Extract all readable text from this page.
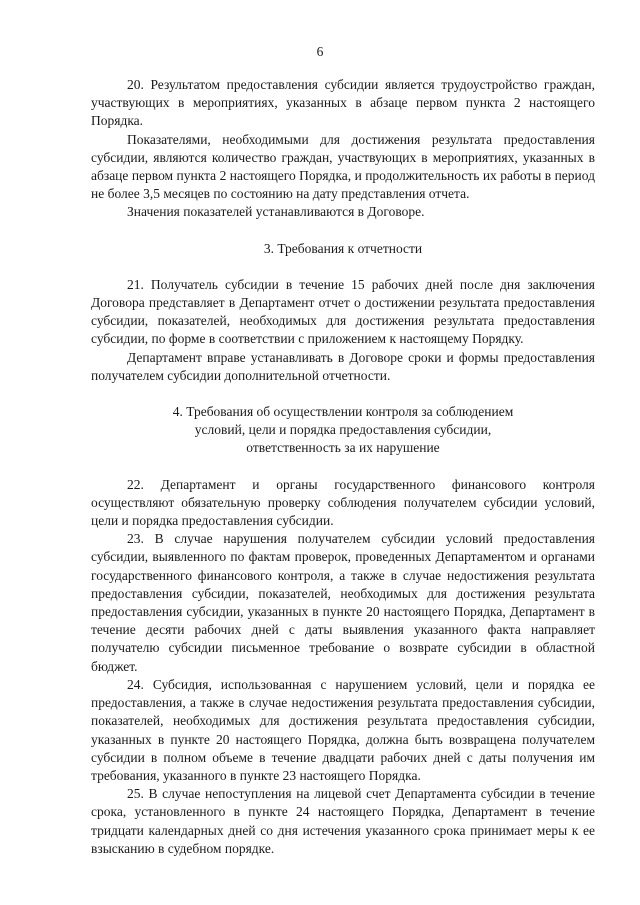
6

20. Результатом предоставления субсидии является трудоустройство граждан, участвующих в мероприятиях, указанных в абзаце первом пункта 2 настоящего Порядка.

Показателями, необходимыми для достижения результата предоставления субсидии, являются количество граждан, участвующих в мероприятиях, указанных в абзаце первом пункта 2 настоящего Порядка, и продолжительность их работы в период не более 3,5 месяцев по состоянию на дату представления отчета.

Значения показателей устанавливаются в Договоре.

3. Требования к отчетности

21. Получатель субсидии в течение 15 рабочих дней после дня заключения Договора представляет в Департамент отчет о достижении результата предоставления субсидии, показателей, необходимых для достижения результата предоставления субсидии, по форме в соответствии с приложением к настоящему Порядку.

Департамент вправе устанавливать в Договоре сроки и формы предоставления получателем субсидии дополнительной отчетности.

4. Требования об осуществлении контроля за соблюдением
условий, цели и порядка предоставления субсидии,
ответственность за их нарушение

22. Департамент и органы государственного финансового контроля осуществляют обязательную проверку соблюдения получателем субсидии условий, цели и порядка предоставления субсидии.

23. В случае нарушения получателем субсидии условий предоставления субсидии, выявленного по фактам проверок, проведенных Департаментом и органами государственного финансового контроля, а также в случае недостижения результата предоставления субсидии, показателей, необходимых для достижения результата предоставления субсидии, указанных в пункте 20 настоящего Порядка, Департамент в течение десяти рабочих дней с даты выявления указанного факта направляет получателю субсидии письменное требование о возврате субсидии в областной бюджет.

24. Субсидия, использованная с нарушением условий, цели и порядка ее предоставления, а также в случае недостижения результата предоставления субсидии, показателей, необходимых для достижения результата предоставления субсидии, указанных в пункте 20 настоящего Порядка, должна быть возвращена получателем субсидии в полном объеме в течение двадцати рабочих дней с даты получения им требования, указанного в пункте 23 настоящего Порядка.

25. В случае непоступления на лицевой счет Департамента субсидии в течение срока, установленного в пункте 24 настоящего Порядка, Департамент в течение тридцати календарных дней со дня истечения указанного срока принимает меры к ее взысканию в судебном порядке.
